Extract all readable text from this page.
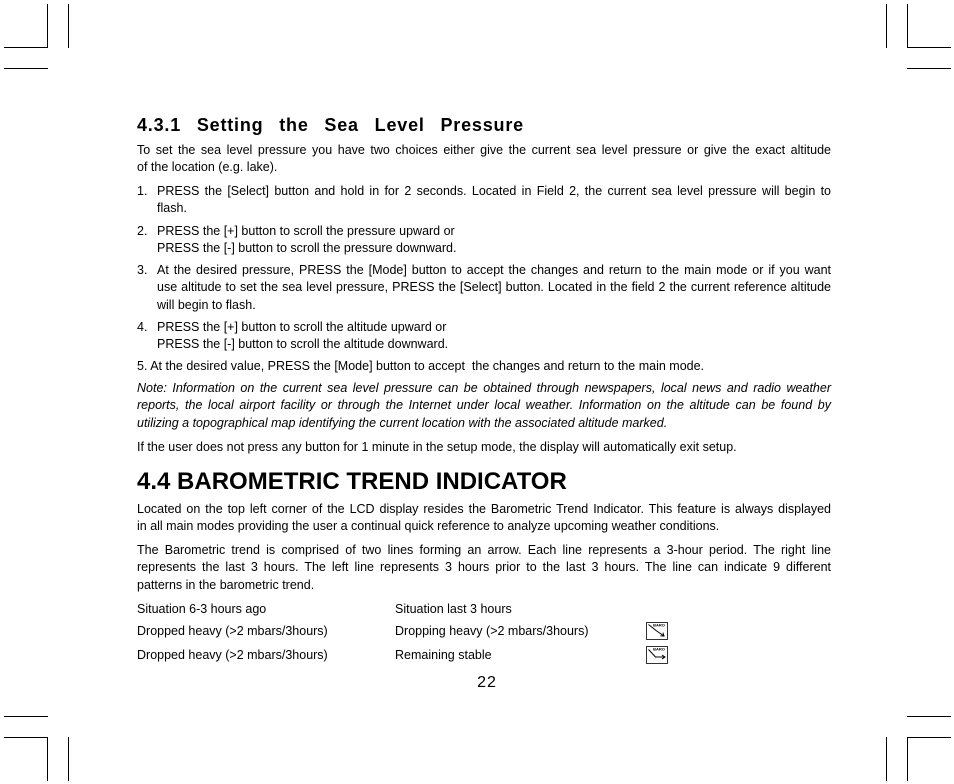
4.3.1 Setting the Sea Level Pressure
To set the sea level pressure you have two choices either give the current sea level pressure or give the exact altitude
of the location (e.g. lake).
1. PRESS the [Select] button and hold in for 2 seconds. Located in Field 2, the current sea level pressure will begin to
flash.
2. PRESS the [+] button to scroll the pressure upward or
PRESS the [-] button to scroll the pressure downward.
3. At the desired pressure, PRESS the [Mode] button to accept the changes and return to the main mode or if you want
use altitude to set the sea level pressure, PRESS the [Select] button. Located in the field 2 the current reference altitude
will begin to flash.
4. PRESS the [+] button to scroll the altitude upward or
PRESS the [-] button to scroll the altitude downward.
5. At the desired value, PRESS the [Mode] button to accept  the changes and return to the main mode.
Note: Information on the current sea level pressure can be obtained through newspapers, local news and radio weather
reports, the local airport facility or through the Internet under local weather. Information on the altitude can be found by
utilizing a topographical map identifying the current location with the associated altitude marked.
If the user does not press any button for 1 minute in the setup mode, the display will automatically exit setup.
4.4 BAROMETRIC TREND INDICATOR
Located on the top left corner of the LCD display resides the Barometric Trend Indicator. This feature is always displayed
in all main modes providing the user a continual quick reference to analyze upcoming weather conditions.
The Barometric trend is comprised of two lines forming an arrow. Each line represents a 3-hour period. The right line
represents the last 3 hours. The left line represents 3 hours prior to the last 3 hours. The line can indicate 9 different
patterns in the barometric trend.
Situation 6-3 hours ago	Situation last 3 hours
Dropped heavy (>2 mbars/3hours)	Dropping heavy (>2 mbars/3hours)	BARO
Dropped heavy (>2 mbars/3hours)	Remaining stable	BARO
22
